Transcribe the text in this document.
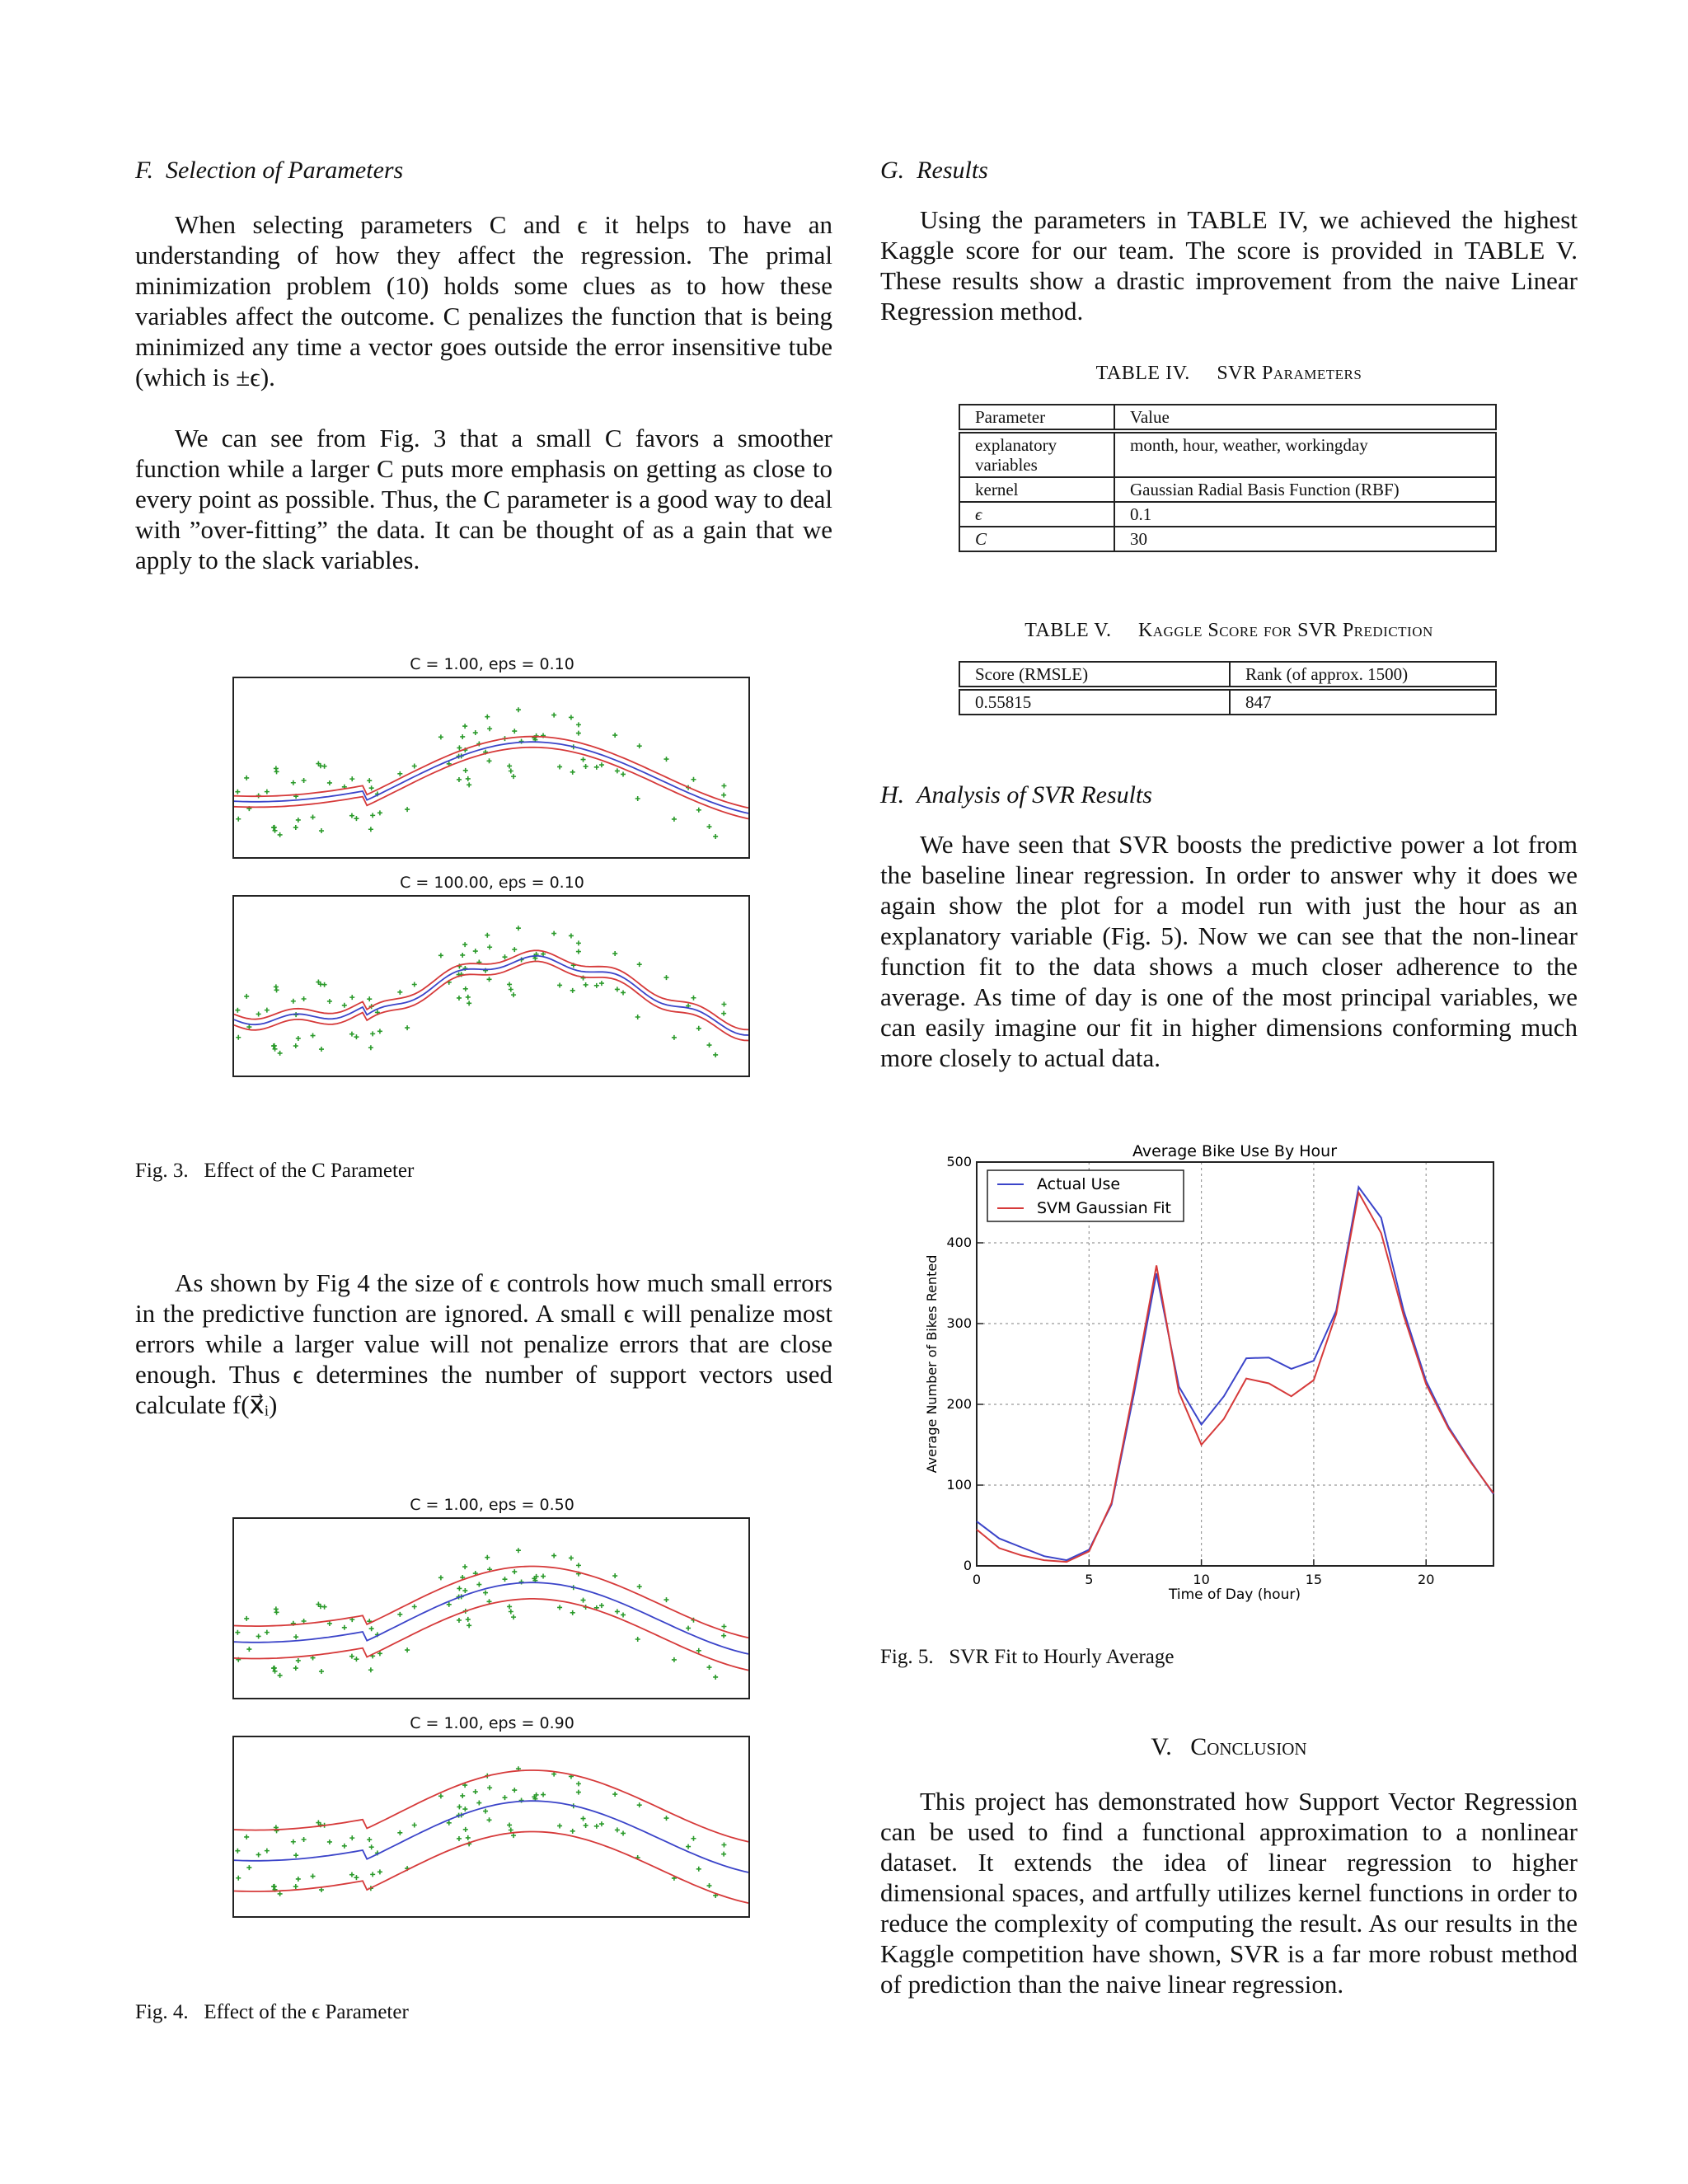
F. Selection of Parameters

When selecting parameters C and ϵ it helps to have an understanding of how they affect the regression. The primal minimization problem (10) holds some clues as to how these variables affect the outcome. C penalizes the function that is being minimized any time a vector goes outside the error insensitive tube (which is ±ϵ).

We can see from Fig. 3 that a small C favors a smoother function while a larger C puts more emphasis on getting as close to every point as possible. Thus, the C parameter is a good way to deal with ”over-fitting” the data. It can be thought of as a gain that we apply to the slack variables.

C = 1.00, eps = 0.10
C = 100.00, eps = 0.10
Fig. 3. Effect of the C Parameter

As shown by Fig 4 the size of ϵ controls how much small errors in the predictive function are ignored. A small ϵ will penalize most errors while a larger value will not penalize errors that are close enough. Thus ϵ determines the number of support vectors used calculate f(x⃗ᵢ)

C = 1.00, eps = 0.50
C = 1.00, eps = 0.90
Fig. 4. Effect of the ϵ Parameter
G. Results

Using the parameters in TABLE IV, we achieved the highest Kaggle score for our team. The score is provided in TABLE V. These results show a drastic improvement from the naive Linear Regression method.

TABLE IV. SVR Parameters
Parameter	Value
explanatory variables	month, hour, weather, workingday
kernel	Gaussian Radial Basis Function (RBF)
ϵ	0.1
C	30
TABLE V. Kaggle Score for SVR Prediction
Score (RMSLE)	Rank (of approx. 1500)
0.55815	847
H. Analysis of SVR Results

We have seen that SVR boosts the predictive power a lot from the baseline linear regression. In order to answer why it does we again show the plot for a model run with just the hour as an explanatory variable (Fig. 5). Now we can see that the non-linear function fit to the data shows a much closer adherence to the average. As time of day is one of the most principal variables, we can easily imagine our fit in higher dimensions conforming much more closely to actual data.

Average Bike Use By Hour
0	5	10	15	20
0
100
200
300
400
500
Time of Day (hour)
Average Number of Bikes Rented
Actual Use
SVM Gaussian Fit
Fig. 5. SVR Fit to Hourly Average
V. Conclusion

This project has demonstrated how Support Vector Regression can be used to find a functional approximation to a nonlinear dataset. It extends the idea of linear regression to higher dimensional spaces, and artfully utilizes kernel functions in order to reduce the complexity of computing the result. As our results in the Kaggle competition have shown, SVR is a far more robust method of prediction than the naive linear regression.
